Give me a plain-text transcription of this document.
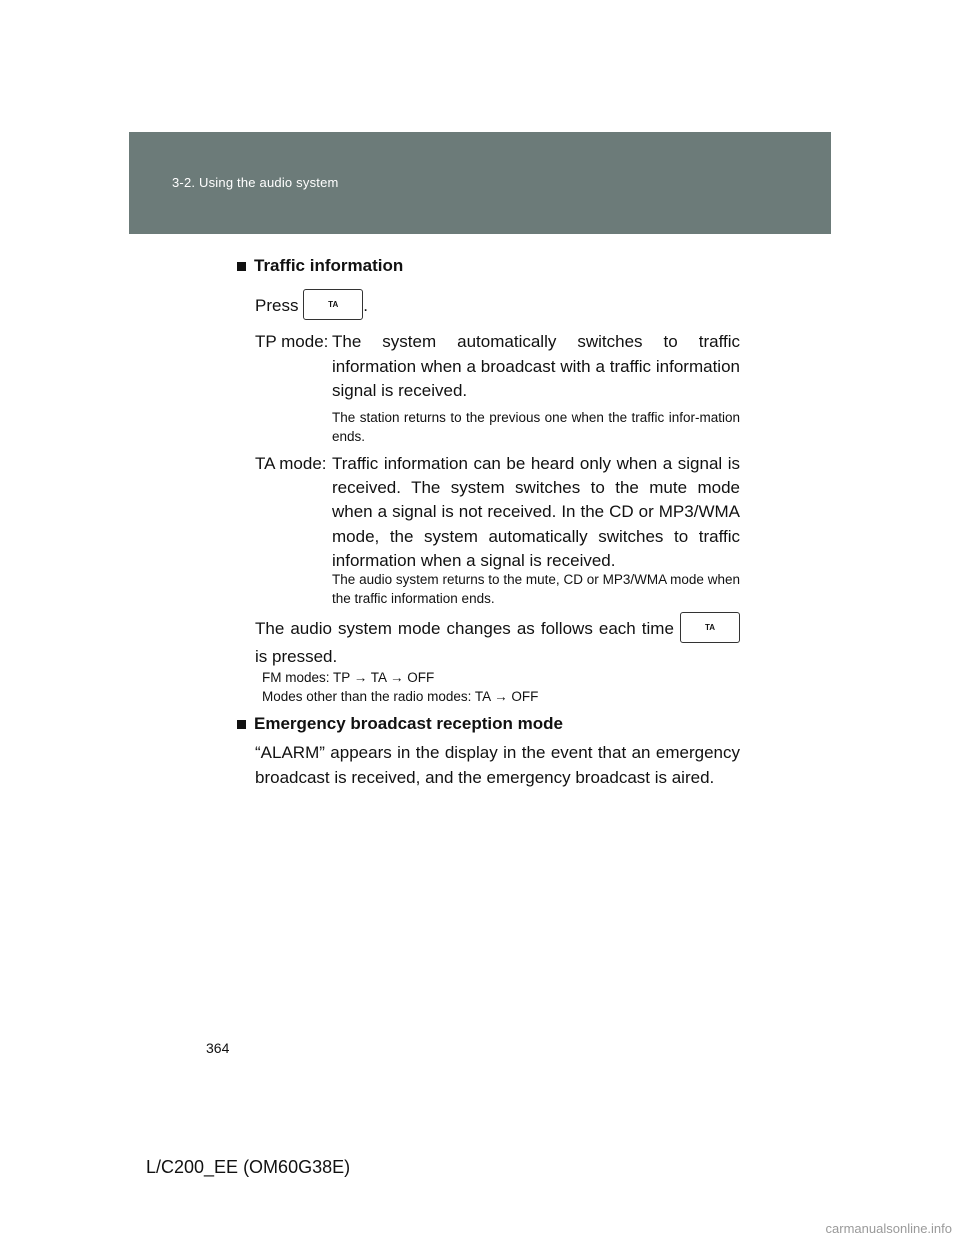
3-2. Using the audio system
Traffic information
Press	TA .
TP mode: The system automatically switches to traffic information when a broadcast with a traffic information signal is received.
The station returns to the previous one when the traffic infor-mation ends.
TA mode: Traffic information can be heard only when a signal is received. The system switches to the mute mode when a signal is not received. In the CD or MP3/WMA mode, the system automatically switches to traffic information when a signal is received.
The audio system returns to the mute, CD or MP3/WMA mode when the traffic information ends.
The audio system mode changes as follows each time	TA is pressed.
FM modes: TP → TA → OFF
Modes other than the radio modes: TA → OFF
Emergency broadcast reception mode
“ALARM” appears in the display in the event that an emergency broadcast is received, and the emergency broadcast is aired.
364
L/C200_EE (OM60G38E)
carmanualsonline.info
